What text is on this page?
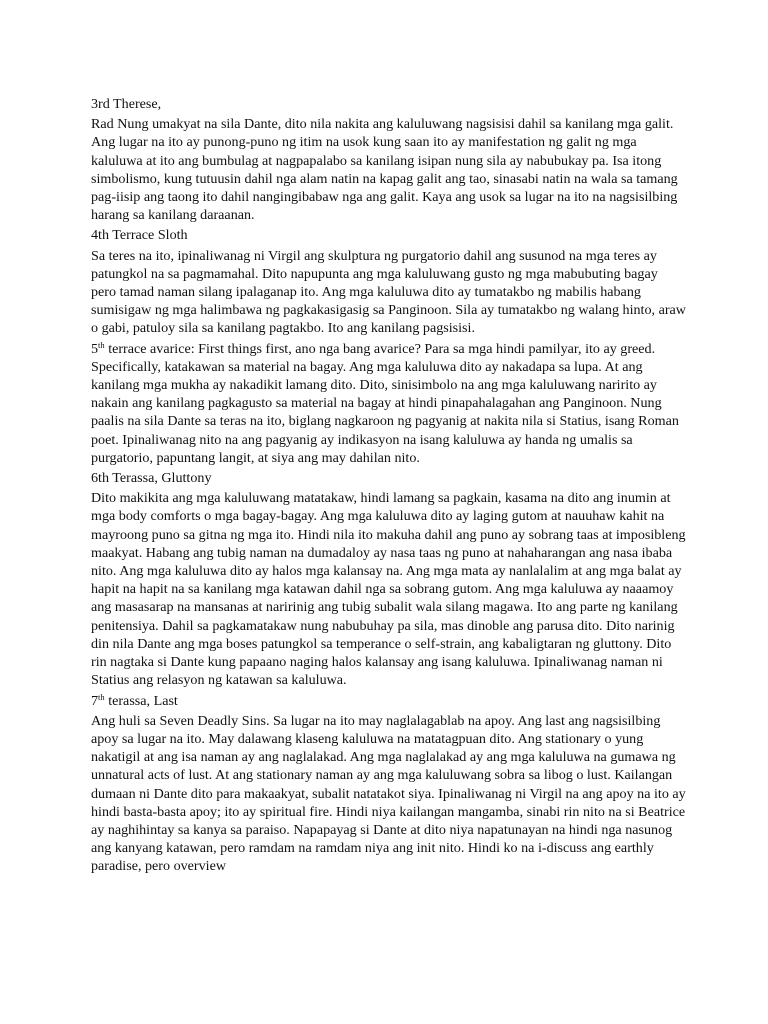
3rd Therese,

Rad Nung umakyat na sila Dante, dito nila nakita ang kaluluwang nagsisisi dahil sa kanilang mga galit. Ang lugar na ito ay punong-puno ng itim na usok kung saan ito ay manifestation ng galit ng mga kaluluwa at ito ang bumbulag at nagpapalabo sa kanilang isipan nung sila ay nabubukay pa. Isa itong simbolismo, kung tutuusin dahil nga alam natin na kapag galit ang tao, sinasabi natin na wala sa tamang pag-iisip ang taong ito dahil nangingibabaw nga ang galit. Kaya ang usok sa lugar na ito na nagsisilbing harang sa kanilang daraanan.

4th Terrace Sloth

Sa teres na ito, ipinaliwanag ni Virgil ang skulptura ng purgatorio dahil ang susunod na mga teres ay patungkol na sa pagmamahal. Dito napupunta ang mga kaluluwang gusto ng mga mabubuting bagay pero tamad naman silang ipalaganap ito. Ang mga kaluluwa dito ay tumatakbo ng mabilis habang sumisigaw ng mga halimbawa ng pagkakasigasig sa Panginoon. Sila ay tumatakbo ng walang hinto, araw o gabi, patuloy sila sa kanilang pagtakbo. Ito ang kanilang pagsisisi.

5th terrace avarice: First things first, ano nga bang avarice? Para sa mga hindi pamilyar, ito ay greed. Specifically, katakawan sa material na bagay. Ang mga kaluluwa dito ay nakadapa sa lupa. At ang kanilang mga mukha ay nakadikit lamang dito. Dito, sinisimbolo na ang mga kaluluwang naririto ay nakain ang kanilang pagkagusto sa material na bagay at hindi pinapahalagahan ang Panginoon. Nung paalis na sila Dante sa teras na ito, biglang nagkaroon ng pagyanig at nakita nila si Statius, isang Roman poet. Ipinaliwanag nito na ang pagyanig ay indikasyon na isang kaluluwa ay handa ng umalis sa purgatorio, papuntang langit, at siya ang may dahilan nito.

6th Terassa, Gluttony

Dito makikita ang mga kaluluwang matatakaw, hindi lamang sa pagkain, kasama na dito ang inumin at mga body comforts o mga bagay-bagay. Ang mga kaluluwa dito ay laging gutom at nauuhaw kahit na mayroong puno sa gitna ng mga ito. Hindi nila ito makuha dahil ang puno ay sobrang taas at imposibleng maakyat. Habang ang tubig naman na dumadaloy ay nasa taas ng puno at nahaharangan ang nasa ibaba nito. Ang mga kaluluwa dito ay halos mga kalansay na. Ang mga mata ay nanlalalim at ang mga balat ay hapit na hapit na sa kanilang mga katawan dahil nga sa sobrang gutom. Ang mga kaluluwa ay naaamoy ang masasarap na mansanas at naririnig ang tubig subalit wala silang magawa. Ito ang parte ng kanilang penitensiya. Dahil sa pagkamatakaw nung nabubuhay pa sila, mas dinoble ang parusa dito. Dito narinig din nila Dante ang mga boses patungkol sa temperance o self-strain, ang kabaligtaran ng gluttony. Dito rin nagtaka si Dante kung papaano naging halos kalansay ang isang kaluluwa. Ipinaliwanag naman ni Statius ang relasyon ng katawan sa kaluluwa.

7th terassa, Last

Ang huli sa Seven Deadly Sins. Sa lugar na ito may naglalagablab na apoy. Ang last ang nagsisilbing apoy sa lugar na ito. May dalawang klaseng kaluluwa na matatagpuan dito. Ang stationary o yung nakatigil at ang isa naman ay ang naglalakad. Ang mga naglalakad ay ang mga kaluluwa na gumawa ng unnatural acts of lust. At ang stationary naman ay ang mga kaluluwang sobra sa libog o lust. Kailangan dumaan ni Dante dito para makaakyat, subalit natatakot siya. Ipinaliwanag ni Virgil na ang apoy na ito ay hindi basta-basta apoy; ito ay spiritual fire. Hindi niya kailangan mangamba, sinabi rin nito na si Beatrice ay naghihintay sa kanya sa paraiso. Napapayag si Dante at dito niya napatunayan na hindi nga nasunog ang kanyang katawan, pero ramdam na ramdam niya ang init nito. Hindi ko na i-discuss ang earthly paradise, pero overview
